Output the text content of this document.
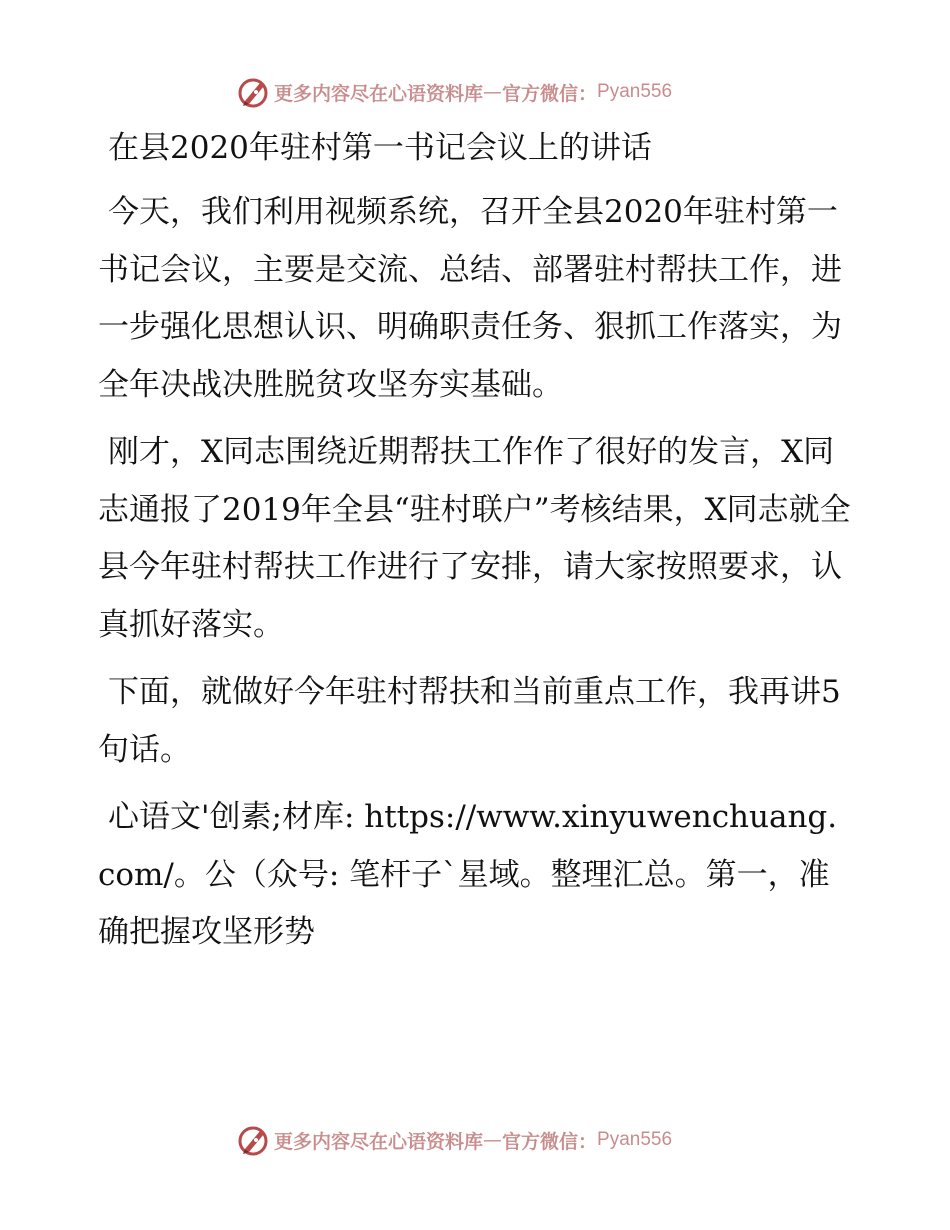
更多内容尽在心语资料库 — 官方微信： Pyan556
在县2020年驻村第一书记会议上的讲话
今天，我们利用视频系统，召开全县2020年驻村第一书记会议，主要是交流、总结、部署驻村帮扶工作，进一步强化思想认识、明确职责任务、狠抓工作落实，为全年决战决胜脱贫攻坚夯实基础。
刚才，X同志围绕近期帮扶工作作了很好的发言，X同志通报了2019年全县“驻村联户”考核结果，X同志就全县今年驻村帮扶工作进行了安排，请大家按照要求，认真抓好落实。
下面，就做好今年驻村帮扶和当前重点工作，我再讲5句话。
心语文'创素;材库: https://www.xinyuwenchuang.com/。公（众号: 笔杆子`星域。整理汇总。第一，准确把握攻坚形势
更多内容尽在心语资料库 — 官方微信： Pyan556
